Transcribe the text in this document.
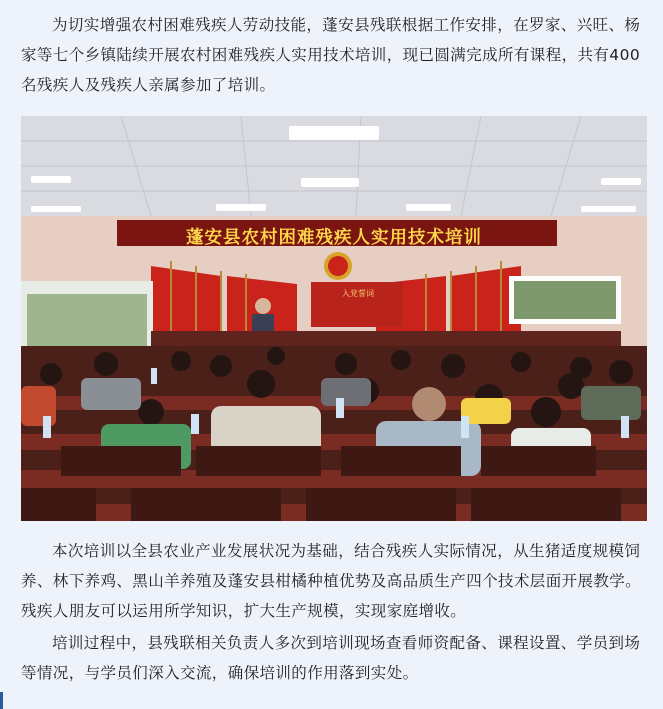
为切实增强农村困难残疾人劳动技能，蓬安县残联根据工作安排，在罗家、兴旺、杨家等七个乡镇陆续开展农村困难残疾人实用技术培训，现已圆满完成所有课程，共有400名残疾人及残疾人亲属参加了培训。

蓬安县农村困难残疾人实用技术培训
入党誓词

本次培训以全县农业产业发展状况为基础，结合残疾人实际情况，从生猪适度规模饲养、林下养鸡、黑山羊养殖及蓬安县柑橘种植优势及高品质生产四个技术层面开展教学。残疾人朋友可以运用所学知识，扩大生产规模，实现家庭增收。

培训过程中，县残联相关负责人多次到培训现场查看师资配备、课程设置、学员到场等情况，与学员们深入交流，确保培训的作用落到实处。
